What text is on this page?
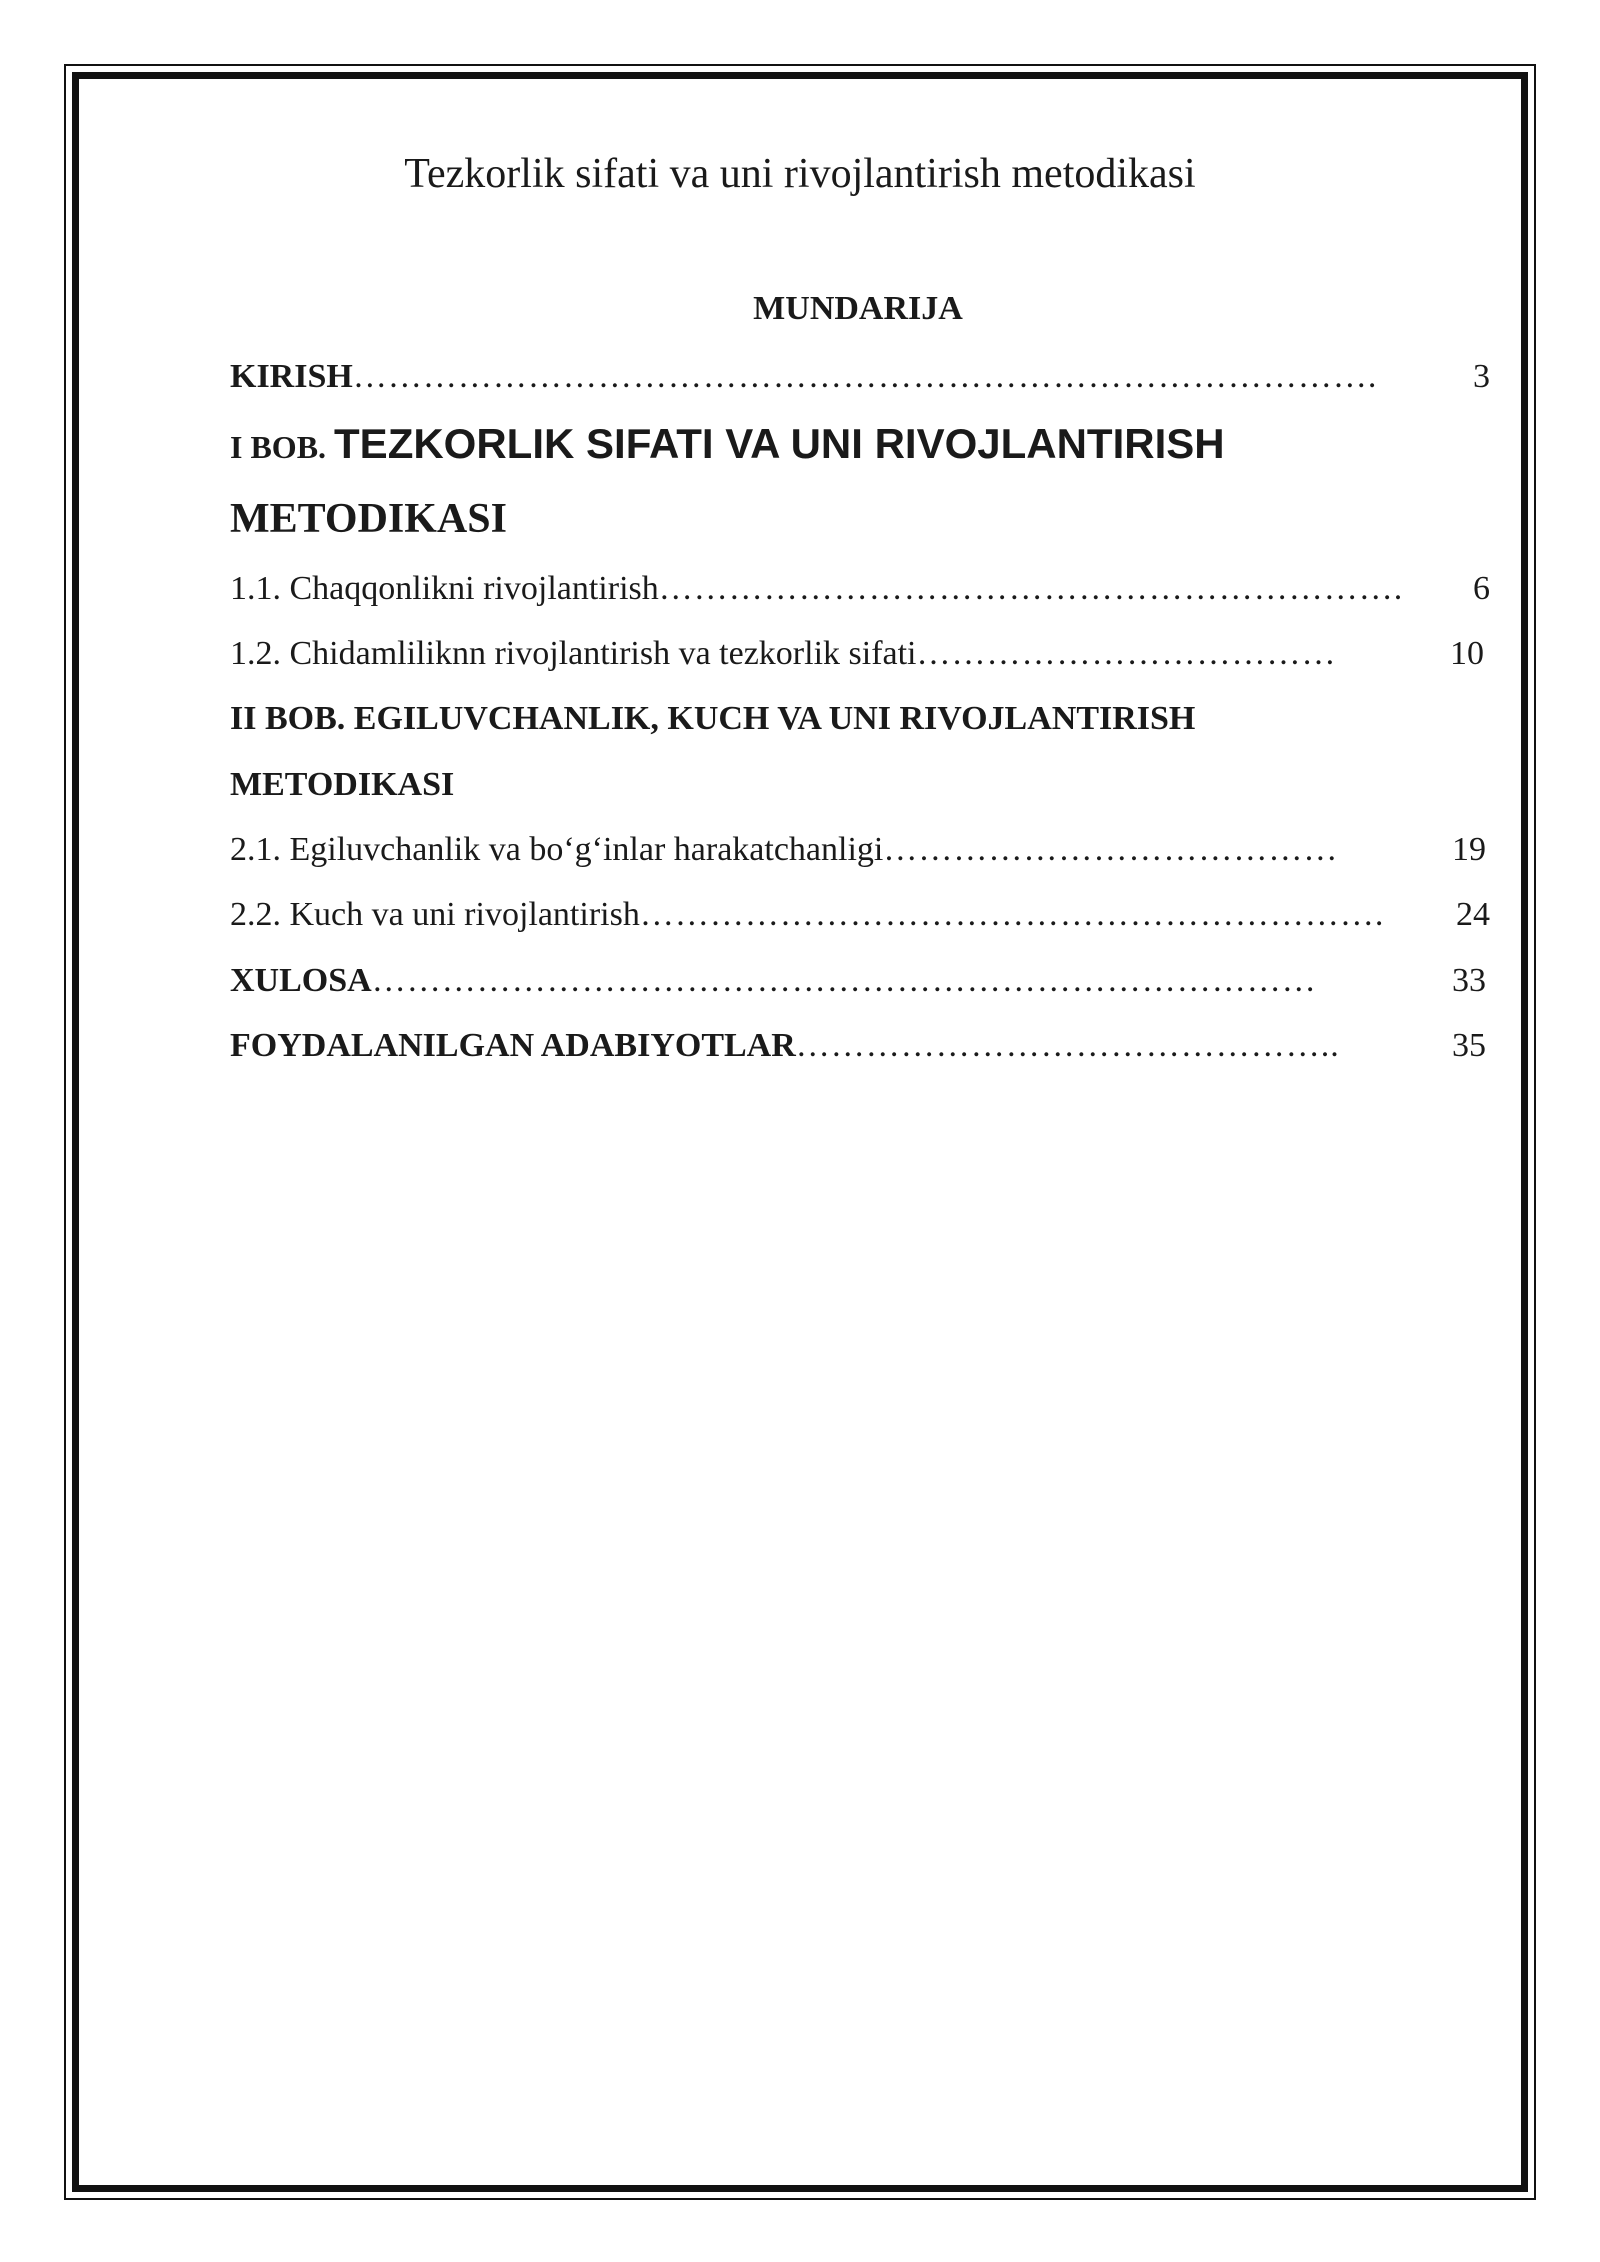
Tezkorlik sifati va uni rivojlantirish metodikasi
MUNDARIJA
KIRISH …………………………………………………………………………….	3
I BOB. TEZKORLIK SIFATI VA UNI RIVOJLANTIRISH
METODIKASI
1.1. Chaqqonlikni rivojlantirish ……………………………………………………….	6
1.2. Chidamliliknn rivojlantirish va tezkorlik sifati ………………………………	10
II BOB. EGILUVCHANLIK, KUCH VA UNI RIVOJLANTIRISH
METODIKASI
2.1. Egiluvchanlik va bo‘g‘inlar harakatchanligi …………………………………	19
2.2. Kuch va uni rivojlantirish ……………………………………………………….	24
XULOSA ………………………………………………………………………	33
FOYDALANILGAN ADABIYOTLAR ………………………………………..	35
